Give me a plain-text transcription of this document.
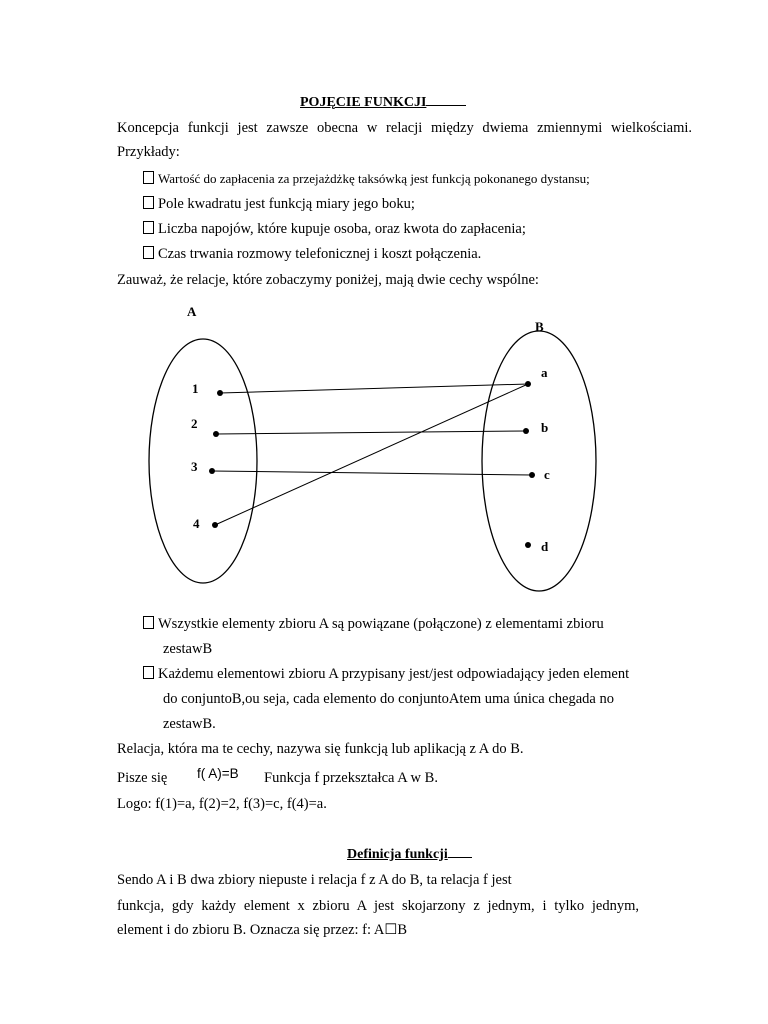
POJĘCIE FUNKCJI
Koncepcja funkcji jest zawsze obecna w relacji między dwiema zmiennymi wielkościami.
Przykłady:
Wartość do zapłacenia za przejażdżkę taksówką jest funkcją pokonanego dystansu;
Pole kwadratu jest funkcją miary jego boku;
Liczba napojów, które kupuje osoba, oraz kwota do zapłacenia;
Czas trwania rozmowy telefonicznej i koszt połączenia.
Zauważ, że relacje, które zobaczymy poniżej, mają dwie cechy wspólne:
A
B
1
2
3
4
a
b
c
d
Wszystkie elementy zbioru A są powiązane (połączone) z elementami zbioru
zestawB
Każdemu elementowi zbioru A przypisany jest/jest odpowiadający jeden element
do conjuntoB,ou seja, cada elemento do conjuntoAtem uma única chegada no
zestawB.
Relacja, która ma te cechy, nazywa się funkcją lub aplikacją z A do B.
Pisze się f( A)=B Funkcja f przekształca A w B.
Logo: f(1)=a, f(2)=2, f(3)=c, f(4)=a.
Definicja funkcji
Sendo A i B dwa zbiory niepuste i relacja f z A do B, ta relacja f jest
funkcja, gdy każdy element x zbioru A jest skojarzony z jednym, i tylko jednym,
element i do zbioru B. Oznacza się przez: f: A☐B
